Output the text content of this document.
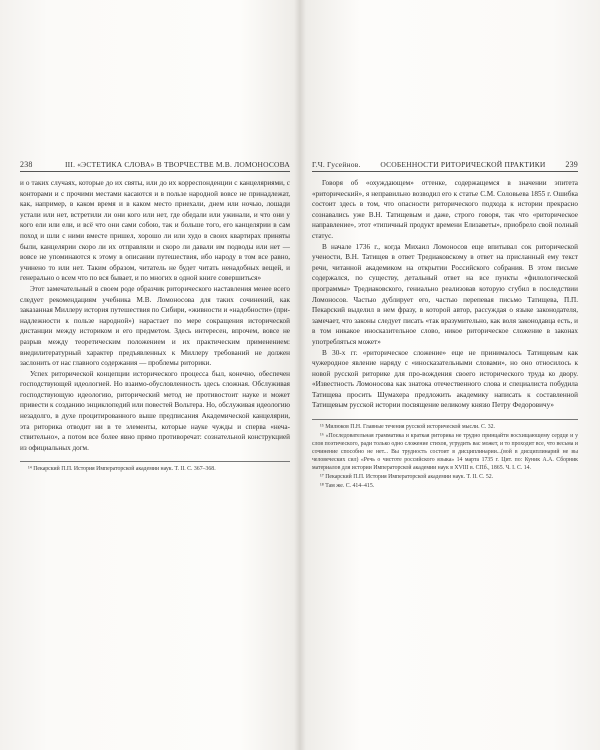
238	III. «ЭСТЕТИКА СЛОВА» В ТВОРЧЕСТВЕ М.В. ЛОМОНОСОВА

и о таких случаях, которые до их святы, или до их корреспонденции с канцеляриями, с конторами и с прочими местами касаются и в пользе народной вовсе не принадлежат, как, например, в каком время и в каком место приехали, днем или ночью, лошади устали или нет, встретили ли они кого или нет, где обедали или ужинали, и что они у кого ели или ели, и всё что они сами собою, так и больше того, его канцелярии в сам поход и шли с ними вместе пришел, хорошо ли или худо в своих квартирах приняты были, канцелярии скоро ли их отправляли и скоро ли давали им подводы или нет — вовсе не упоминаются к этому в описании путешествия, ибо народу в том все равно, учинено то или нет. Таким образом, читатель не будет читать ненадобных вещей, и генерально о всем что по вся бывает, и по многих в одной книге совершиться»

Этот замечательный в своем роде образчик риторического наставления менее всего следует рекомендациям учебника М.В. Ломоносова для таких сочинений, как заказанная Миллеру история путешествия по Сибири, «живности и «надобности» (при-надлежности к пользе народной») нарастает по мере сокращения исторической дистанции между историком и его предметом. Здесь интересен, впрочем, вовсе не разрыв между теоретическим положением и их практическим применением: внедилитературный характер предъявленных к Миллеру требований не должен заслонить от нас главного содержания — проблемы риторики.

Успех риторической концепции исторического процесса был, конечно, обеспечен господствующей идеологией. Но взаимо-обусловленность здесь сложная. Обслуживая господствующую идеологию, риторический метод не противостоит науке и может привести к созданию энциклопедий или повестей Вольтера. Но, обслуживая идеологию незадолго, в духе процитированного выше предписания Академической канцелярии, эта риторика отводит ни в те элементы, которые науке чужды и сперва «неча-ствительно», а потом все более явно прямо противоречат: сознательной конструкцией из официальных догм.

¹⁴ Пекарский П.П. История Императорской академии наук. Т. II. С. 367–368.

Г.Ч. Гусейнов.	ОСОБЕННОСТИ РИТОРИЧЕСКОЙ ПРАКТИКИ 239

Говоря об «охуждающем» оттенке, содержащемся в значении эпитета «риторический», я неправильно возводил его к статье С.М. Соловьева 1855 г. Ошибка состоит здесь в том, что опасности риторического подхода к истории прекрасно сознавались уже В.Н. Татищевым и даже, строго говоря, так что «риторическое направление», этот «типичный продукт времени Елизаветы», приобрело свой полный статус.

В начале 1736 г., когда Михаил Ломоносов еще впитывал сок риторической учености, В.Н. Татищев в ответ Тредиаковскому в ответ на присланный ему текст речи, читанной академиком на открытии Российского собрания. В этом письме содержался, по существу, детальный ответ на все пункты «филологической программы» Тредиаковского, гениально реализовав которую сгубил в последствии Ломоносов. Частью дублирует его, частью перепевая письмо Татищева, П.П. Пекарский выделил в нем фразу, в которой автор, рассуждая о языке законодателя, замечает, что законы следует писать «так вразумительно, как воля законодавца есть, и в том никакое иносказительное слово, никое риторическое сложение в законах употребляться может»

В 30-х гг. «риторическое сложение» еще не принималось Татищевым как чужеродное явление наряду с «иносказательными словами», но оно относилось к новой русской риторике для про-вождения своего исторического труда ко двору. «Известность Ломоносова как знатока отечественного слова и специалиста побудила Татищева просить Шумахера предложить академику написать к составленной Татищевым русской истории посвящение великому князю Петру Федоровичу»

¹⁵ Милюков П.Н. Главные течения русской исторической мысли. С. 32.

¹⁶ «Последовательная грамматика и краткая риторика не трудно принцайти восхищающему сердце и у слов поэтического, ради только одно сложение стихов, угрудить вас может, и то проходит все, что весьма и сочинение способно не нет... Вы трудность состоит в дисциплинарии...(вой в дисциплинарий не вы человеческих сил) «Речь о чистоте российского языка» 14 марта 1735 г. Цит. по: Куник А.А. Сборник материалов для истории Императорской академии наук в XVIII в. СПб., 1865. Ч. I. С. 14.

¹⁷ Пекарский П.П. История Императорской академии наук. Т. II. С. 52.

¹⁸ Там же. С. 414–415.
